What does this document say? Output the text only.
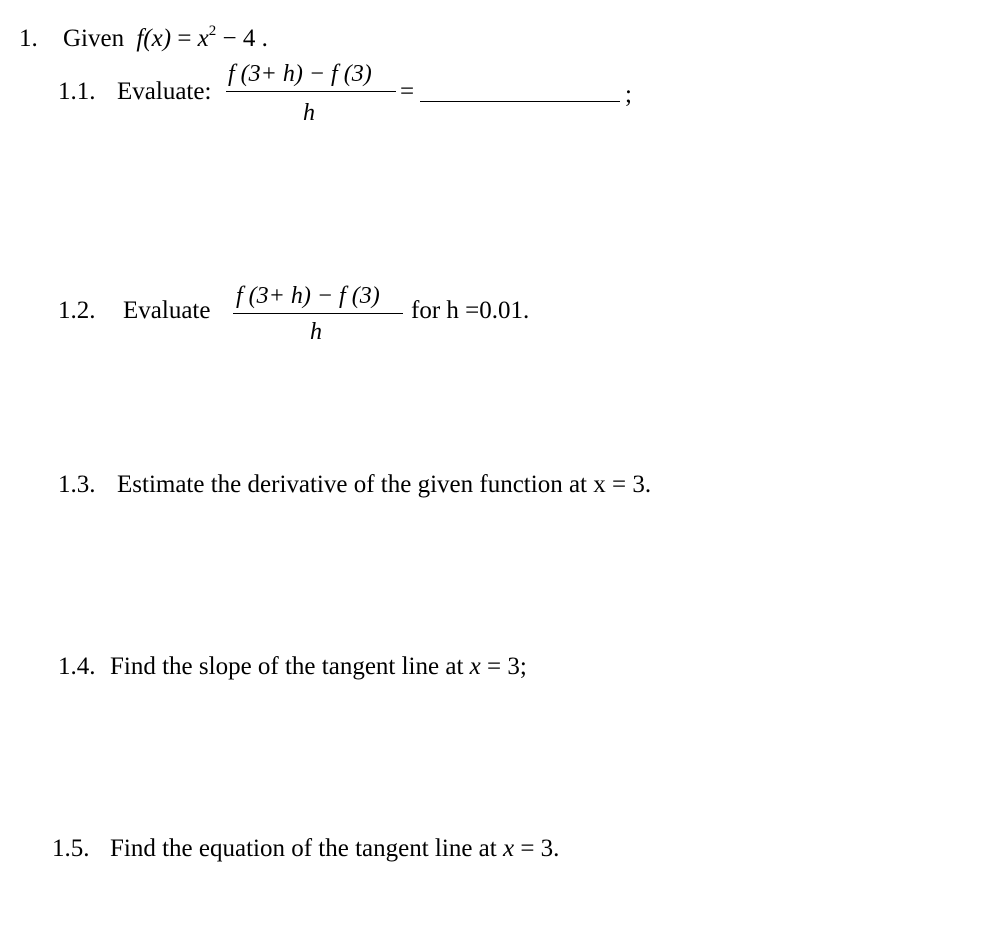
1. Given $f(x) = x^2 - 4$ .
1.1. Evaluate:
f (3+ h) − f (3)
h
=	;
1.2. Evaluate
f (3+ h) − f (3)
h
for h =0.01.
1.3. Estimate the derivative of the given function at x = 3.
1.4. Find the slope of the tangent line at x = 3;
1.5. Find the equation of the tangent line at x = 3.
